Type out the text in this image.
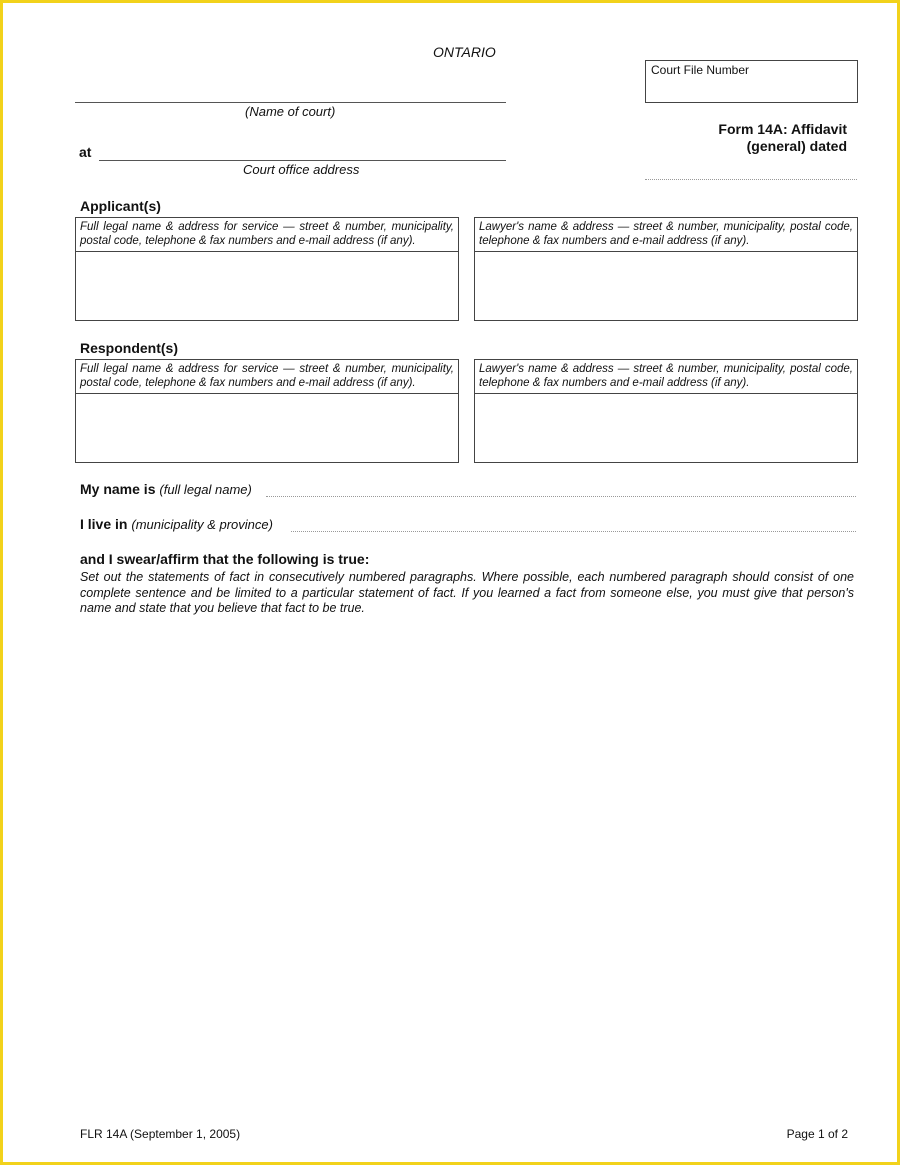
ONTARIO
Court File Number
(Name of court)
at
Court office address
Form 14A: Affidavit
(general) dated
Applicant(s)
Full legal name & address for service — street & number, municipality, postal code, telephone & fax numbers and e-mail address (if any).
Lawyer's name & address — street & number, municipality, postal code, telephone & fax numbers and e-mail address (if any).
Respondent(s)
Full legal name & address for service — street & number, municipality, postal code, telephone & fax numbers and e-mail address (if any).
Lawyer's name & address — street & number, municipality, postal code, telephone & fax numbers and e-mail address (if any).
My name is (full legal name)
I live in (municipality & province)
and I swear/affirm that the following is true:
Set out the statements of fact in consecutively numbered paragraphs. Where possible, each numbered paragraph should consist of one complete sentence and be limited to a particular statement of fact. If you learned a fact from someone else, you must give that person's name and state that you believe that fact to be true.
FLR 14A (September 1, 2005)	Page 1 of 2
